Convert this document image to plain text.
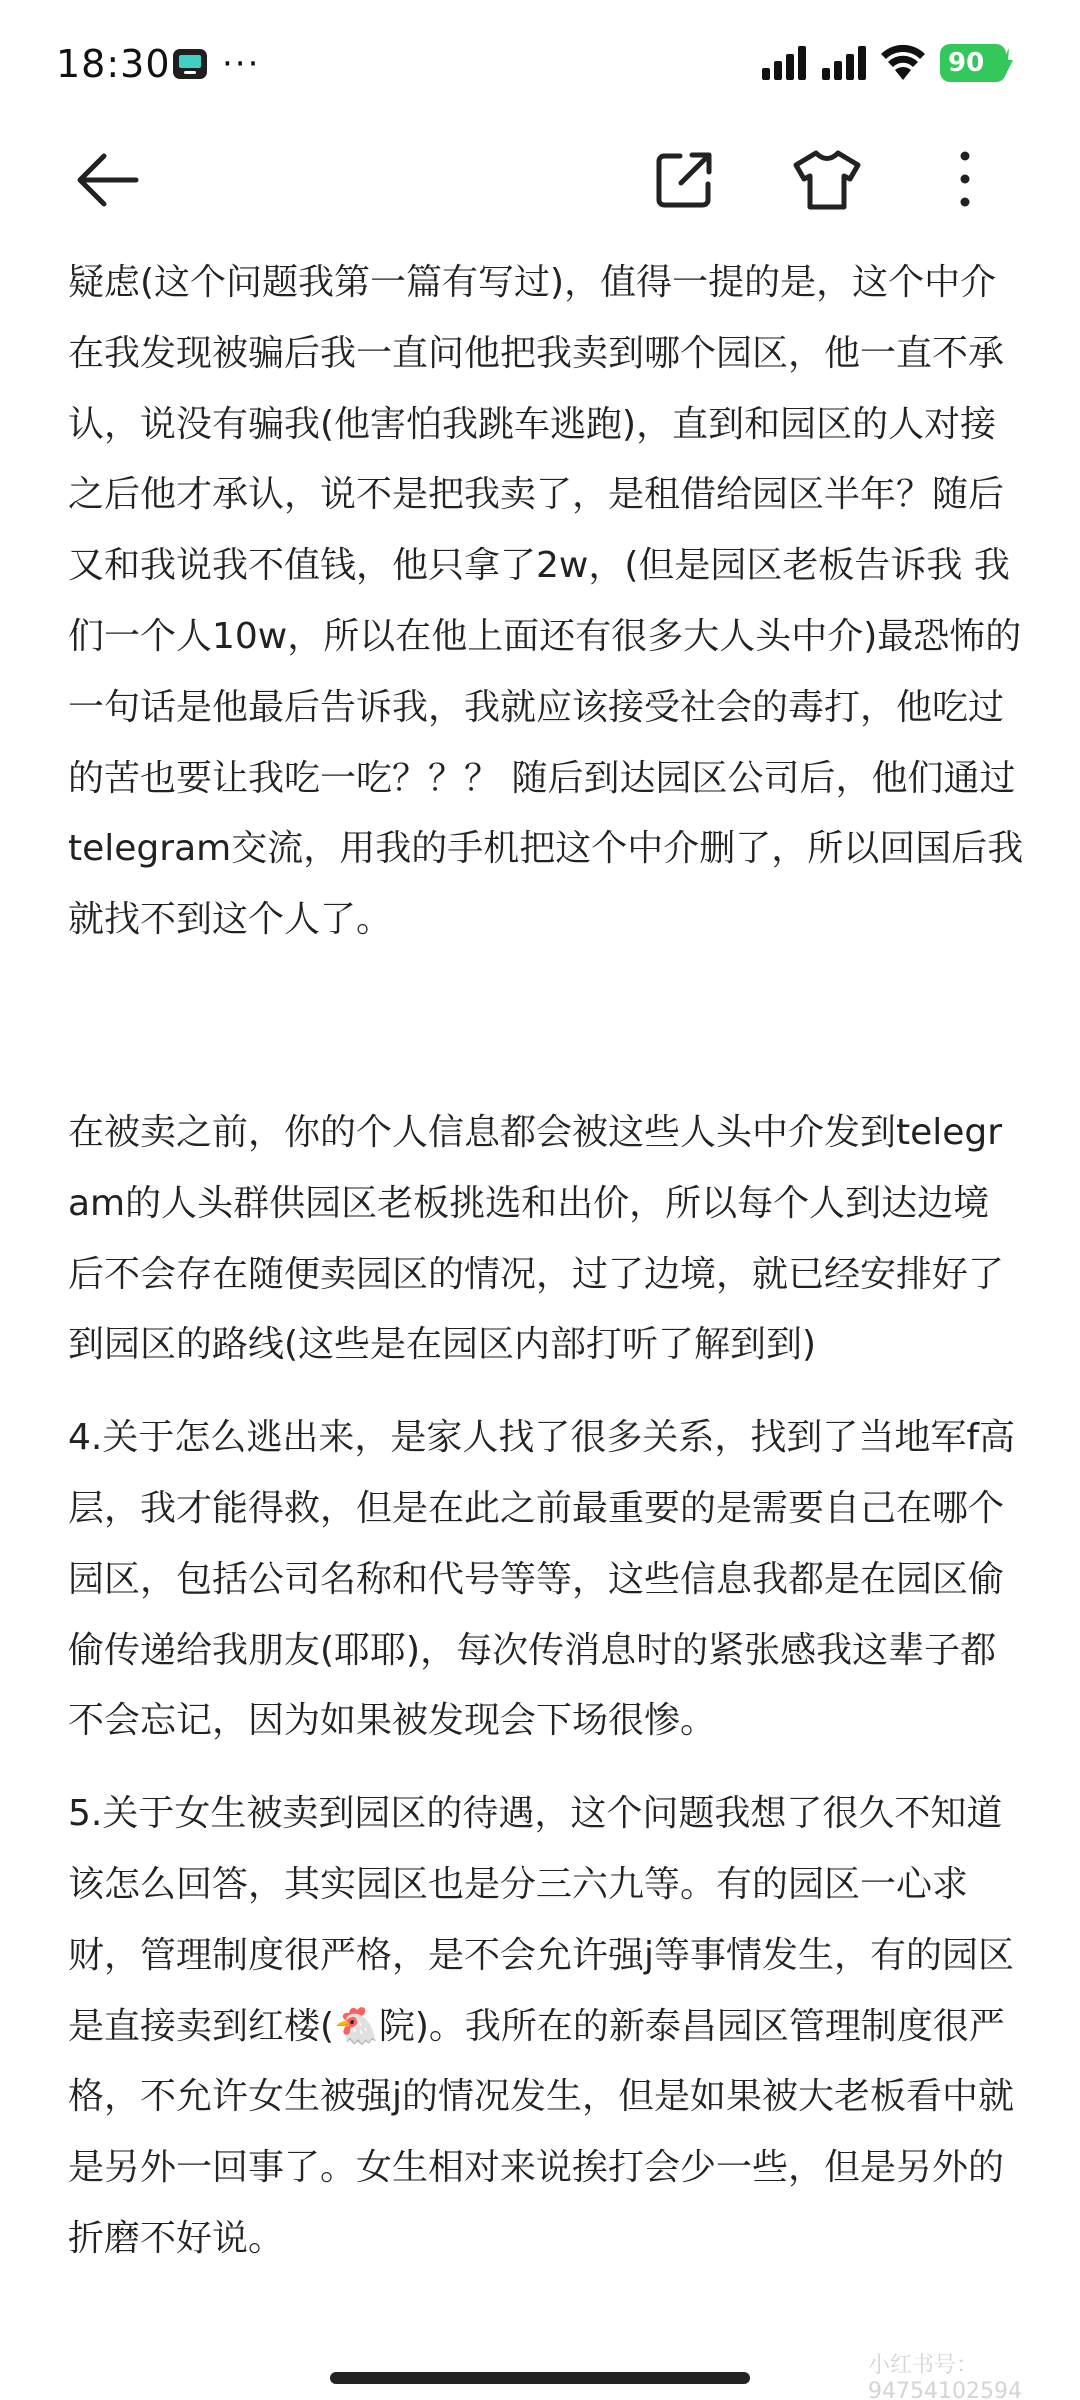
18:30 ···	90

疑虑(这个问题我第一篇有写过)，值得一提的是，这个中介在我发现被骗后我一直问他把我卖到哪个园区，他一直不承认，说没有骗我(他害怕我跳车逃跑)，直到和园区的人对接之后他才承认，说不是把我卖了，是租借给园区半年？随后又和我说我不值钱，他只拿了2w，(但是园区老板告诉我 我们一个人10w，所以在他上面还有很多大人头中介)最恐怖的一句话是他最后告诉我，我就应该接受社会的毒打，他吃过的苦也要让我吃一吃？？？ 随后到达园区公司后，他们通过telegram交流，用我的手机把这个中介删了，所以回国后我就找不到这个人了。

在被卖之前，你的个人信息都会被这些人头中介发到telegram的人头群供园区老板挑选和出价，所以每个人到达边境后不会存在随便卖园区的情况，过了边境，就已经安排好了到园区的路线(这些是在园区内部打听了解到到)

4.关于怎么逃出来，是家人找了很多关系，找到了当地军f高层，我才能得救，但是在此之前最重要的是需要自己在哪个园区，包括公司名称和代号等等，这些信息我都是在园区偷偷传递给我朋友(耶耶)，每次传消息时的紧张感我这辈子都不会忘记，因为如果被发现会下场很惨。

5.关于女生被卖到园区的待遇，这个问题我想了很久不知道该怎么回答，其实园区也是分三六九等。有的园区一心求财，管理制度很严格，是不会允许强j等事情发生，有的园区是直接卖到红楼(🐔院)。我所在的新泰昌园区管理制度很严格，不允许女生被强j的情况发生，但是如果被大老板看中就是另外一回事了。女生相对来说挨打会少一些，但是另外的折磨不好说。

小红书号：94754102594
